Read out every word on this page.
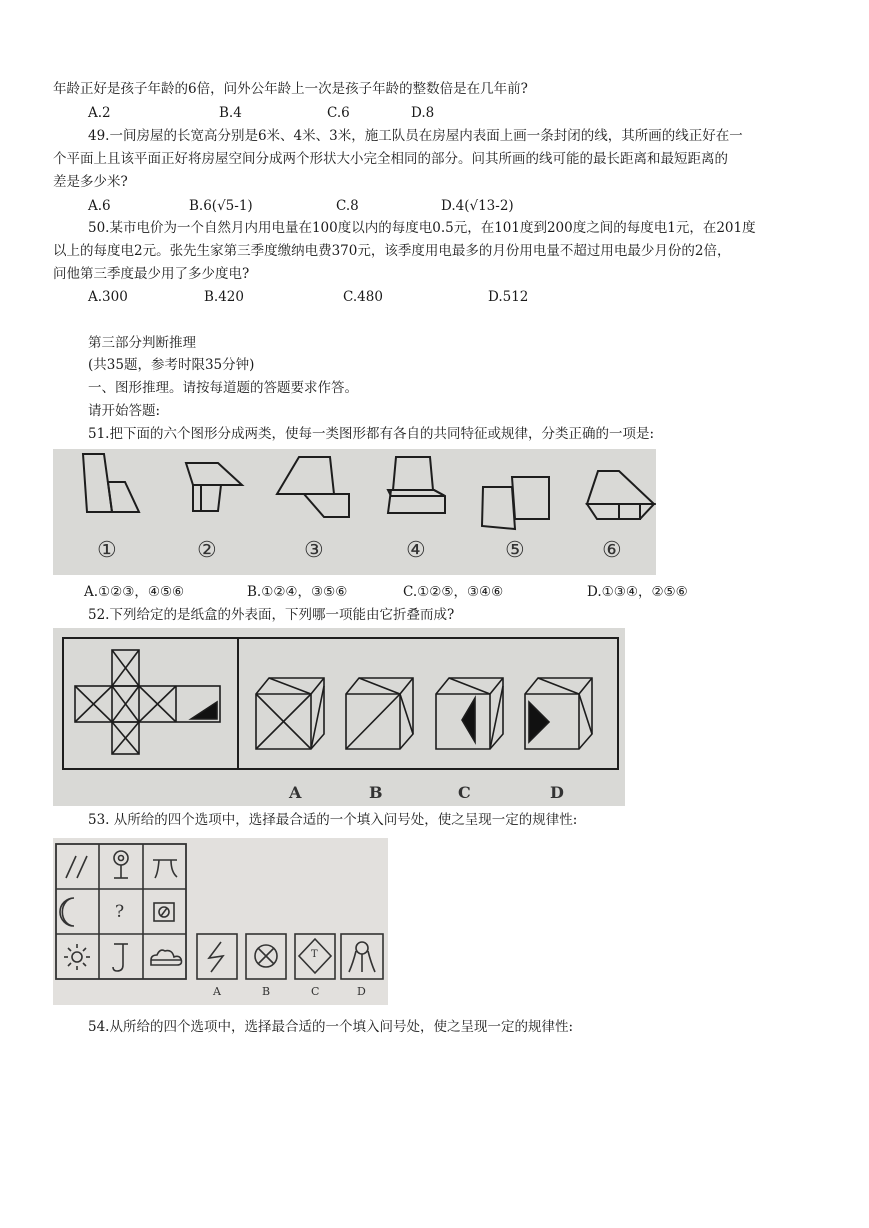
年龄正好是孩子年龄的6倍，问外公年龄上一次是孩子年龄的整数倍是在几年前?
A.2	B.4	C.6	D.8
49.一间房屋的长宽高分别是6米、4米、3米，施工队员在房屋内表面上画一条封闭的线，其所画的线正好在一
个平面上且该平面正好将房屋空间分成两个形状大小完全相同的部分。问其所画的线可能的最长距离和最短距离的
差是多少米?
A.6	B.6(√5-1)	C.8	D.4(√13-2)
50.某市电价为一个自然月内用电量在100度以内的每度电0.5元，在101度到200度之间的每度电1元，在201度
以上的每度电2元。张先生家第三季度缴纳电费370元，该季度用电最多的月份用电量不超过用电最少月份的2倍，
问他第三季度最少用了多少度电?
A.300	B.420	C.480	D.512
第三部分判断推理
(共35题，参考时限35分钟)
一、图形推理。请按每道题的答题要求作答。
请开始答题:
51.把下面的六个图形分成两类，使每一类图形都有各自的共同特征或规律，分类正确的一项是:
①	②	③	④	⑤	⑥
A.①②③，④⑤⑥	B.①②④，③⑤⑥	C.①②⑤，③④⑥	D.①③④，②⑤⑥
52.下列给定的是纸盒的外表面，下列哪一项能由它折叠而成?
A	B	C	D
53. 从所给的四个选项中，选择最合适的一个填入问号处，使之呈现一定的规律性:
?
T
A	B	C	D
54.从所给的四个选项中，选择最合适的一个填入问号处，使之呈现一定的规律性:
